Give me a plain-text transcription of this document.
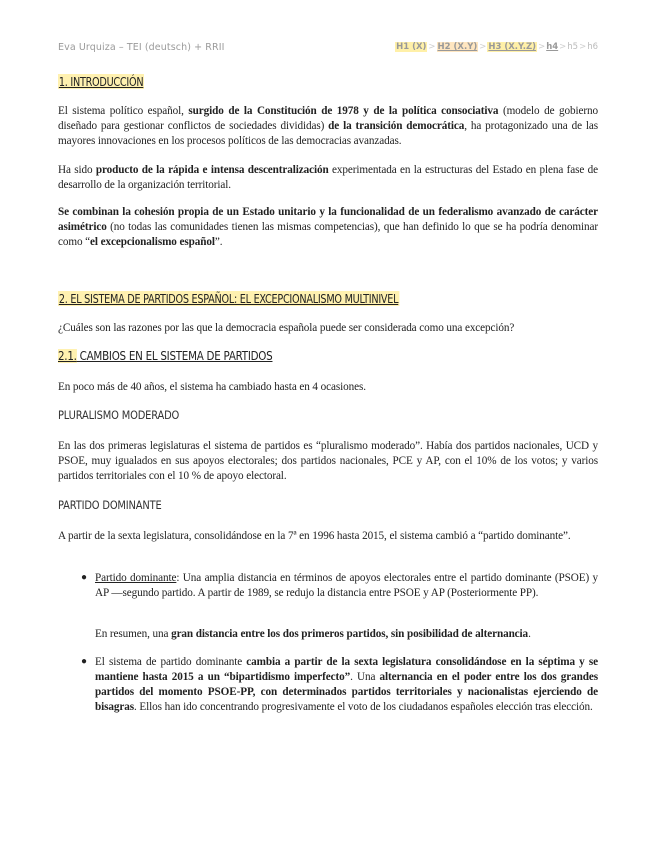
Eva Urquiza – TEI (deutsch) + RRII	H1 (X) > H2 (X.Y) > H3 (X.Y.Z) >h4>h5>h6
1. INTRODUCCIÓN

El sistema político español, surgido de la Constitución de 1978 y de la política consociativa (modelo de gobierno diseñado para gestionar conflictos de sociedades divididas) de la transición democrática, ha protagonizado una de las mayores innovaciones en los procesos políticos de las democracias avanzadas.

Ha sido producto de la rápida e intensa descentralización experimentada en la estructuras del Estado en plena fase de desarrollo de la organización territorial.

Se combinan la cohesión propia de un Estado unitario y la funcionalidad de un federalismo avanzado de carácter asimétrico (no todas las comunidades tienen las mismas competencias), que han definido lo que se ha podría denominar como “el excepcionalismo español”.

2. EL SISTEMA DE PARTIDOS ESPAÑOL: EL EXCEPCIONALISMO MULTINIVEL

¿Cuáles son las razones por las que la democracia española puede ser considerada como una excepción?

2.1. CAMBIOS EN EL SISTEMA DE PARTIDOS

En poco más de 40 años, el sistema ha cambiado hasta en 4 ocasiones.

PLURALISMO MODERADO

En las dos primeras legislaturas el sistema de partidos es “pluralismo moderado”. Había dos partidos nacionales, UCD y PSOE, muy igualados en sus apoyos electorales; dos partidos nacionales, PCE y AP, con el 10% de los votos; y varios partidos territoriales con el 10 % de apoyo electoral.

PARTIDO DOMINANTE

A partir de la sexta legislatura, consolidándose en la 7ª en 1996 hasta 2015, el sistema cambió a “partido dominante”.

● Partido dominante: Una amplia distancia en términos de apoyos electorales entre el partido dominante (PSOE) y AP —segundo partido. A partir de 1989, se redujo la distancia entre PSOE y AP (Posteriormente PP).

En resumen, una gran distancia entre los dos primeros partidos, sin posibilidad de alternancia.

● El sistema de partido dominante cambia a partir de la sexta legislatura consolidándose en la séptima y se mantiene hasta 2015 a un “bipartidismo imperfecto”. Una alternancia en el poder entre los dos grandes partidos del momento PSOE-PP, con determinados partidos territoriales y nacionalistas ejerciendo de bisagras. Ellos han ido concentrando progresivamente el voto de los ciudadanos españoles elección tras elección.
